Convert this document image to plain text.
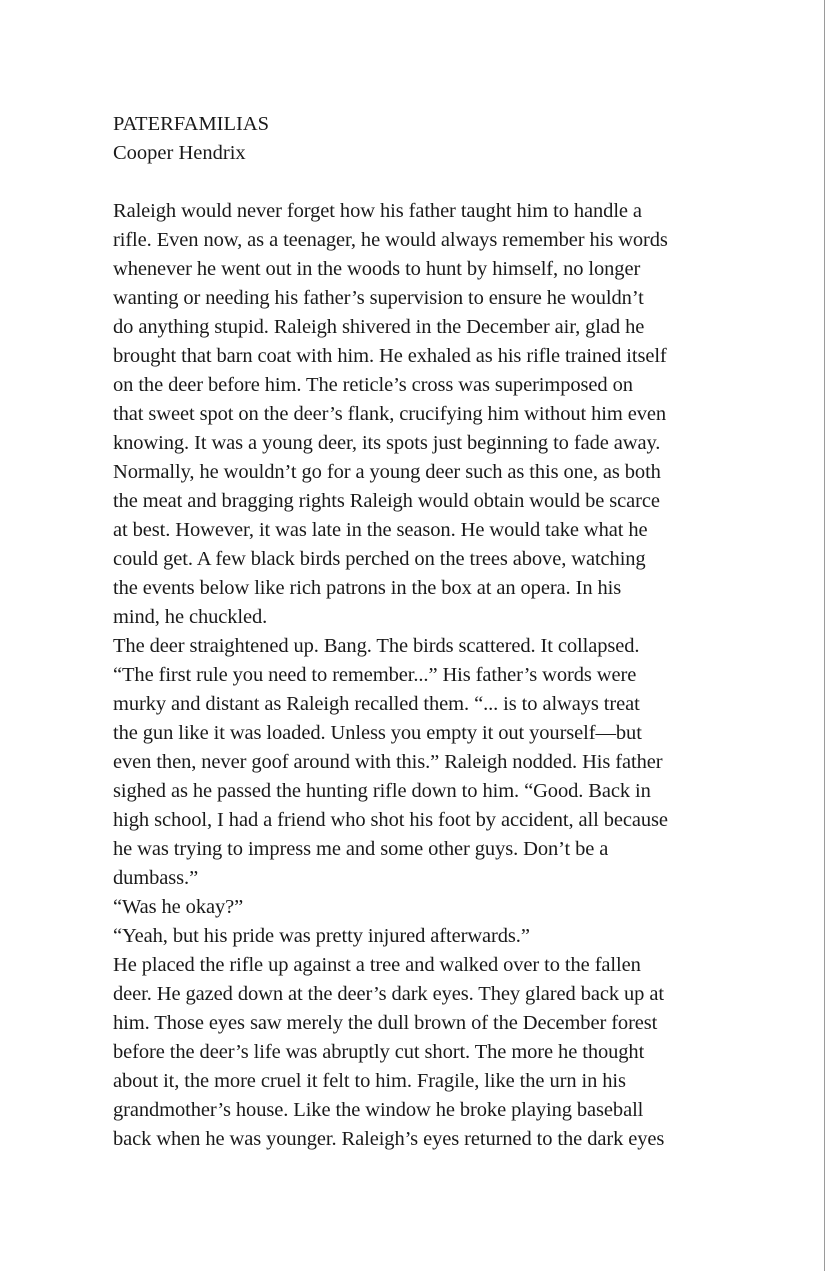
PATERFAMILIAS
Cooper Hendrix
Raleigh would never forget how his father taught him to handle a
rifle. Even now, as a teenager, he would always remember his words
whenever he went out in the woods to hunt by himself, no longer
wanting or needing his father’s supervision to ensure he wouldn’t
do anything stupid. Raleigh shivered in the December air, glad he
brought that barn coat with him. He exhaled as his rifle trained itself
on the deer before him. The reticle’s cross was superimposed on
that sweet spot on the deer’s flank, crucifying him without him even
knowing. It was a young deer, its spots just beginning to fade away.
Normally, he wouldn’t go for a young deer such as this one, as both
the meat and bragging rights Raleigh would obtain would be scarce
at best. However, it was late in the season. He would take what he
could get. A few black birds perched on the trees above, watching
the events below like rich patrons in the box at an opera. In his
mind, he chuckled.
The deer straightened up. Bang. The birds scattered. It collapsed.
“The first rule you need to remember...” His father’s words were
murky and distant as Raleigh recalled them. “... is to always treat
the gun like it was loaded. Unless you empty it out yourself—but
even then, never goof around with this.” Raleigh nodded. His father
sighed as he passed the hunting rifle down to him. “Good. Back in
high school, I had a friend who shot his foot by accident, all because
he was trying to impress me and some other guys. Don’t be a
dumbass.”
“Was he okay?”
“Yeah, but his pride was pretty injured afterwards.”
He placed the rifle up against a tree and walked over to the fallen
deer. He gazed down at the deer’s dark eyes. They glared back up at
him. Those eyes saw merely the dull brown of the December forest
before the deer’s life was abruptly cut short. The more he thought
about it, the more cruel it felt to him. Fragile, like the urn in his
grandmother’s house. Like the window he broke playing baseball
back when he was younger. Raleigh’s eyes returned to the dark eyes
